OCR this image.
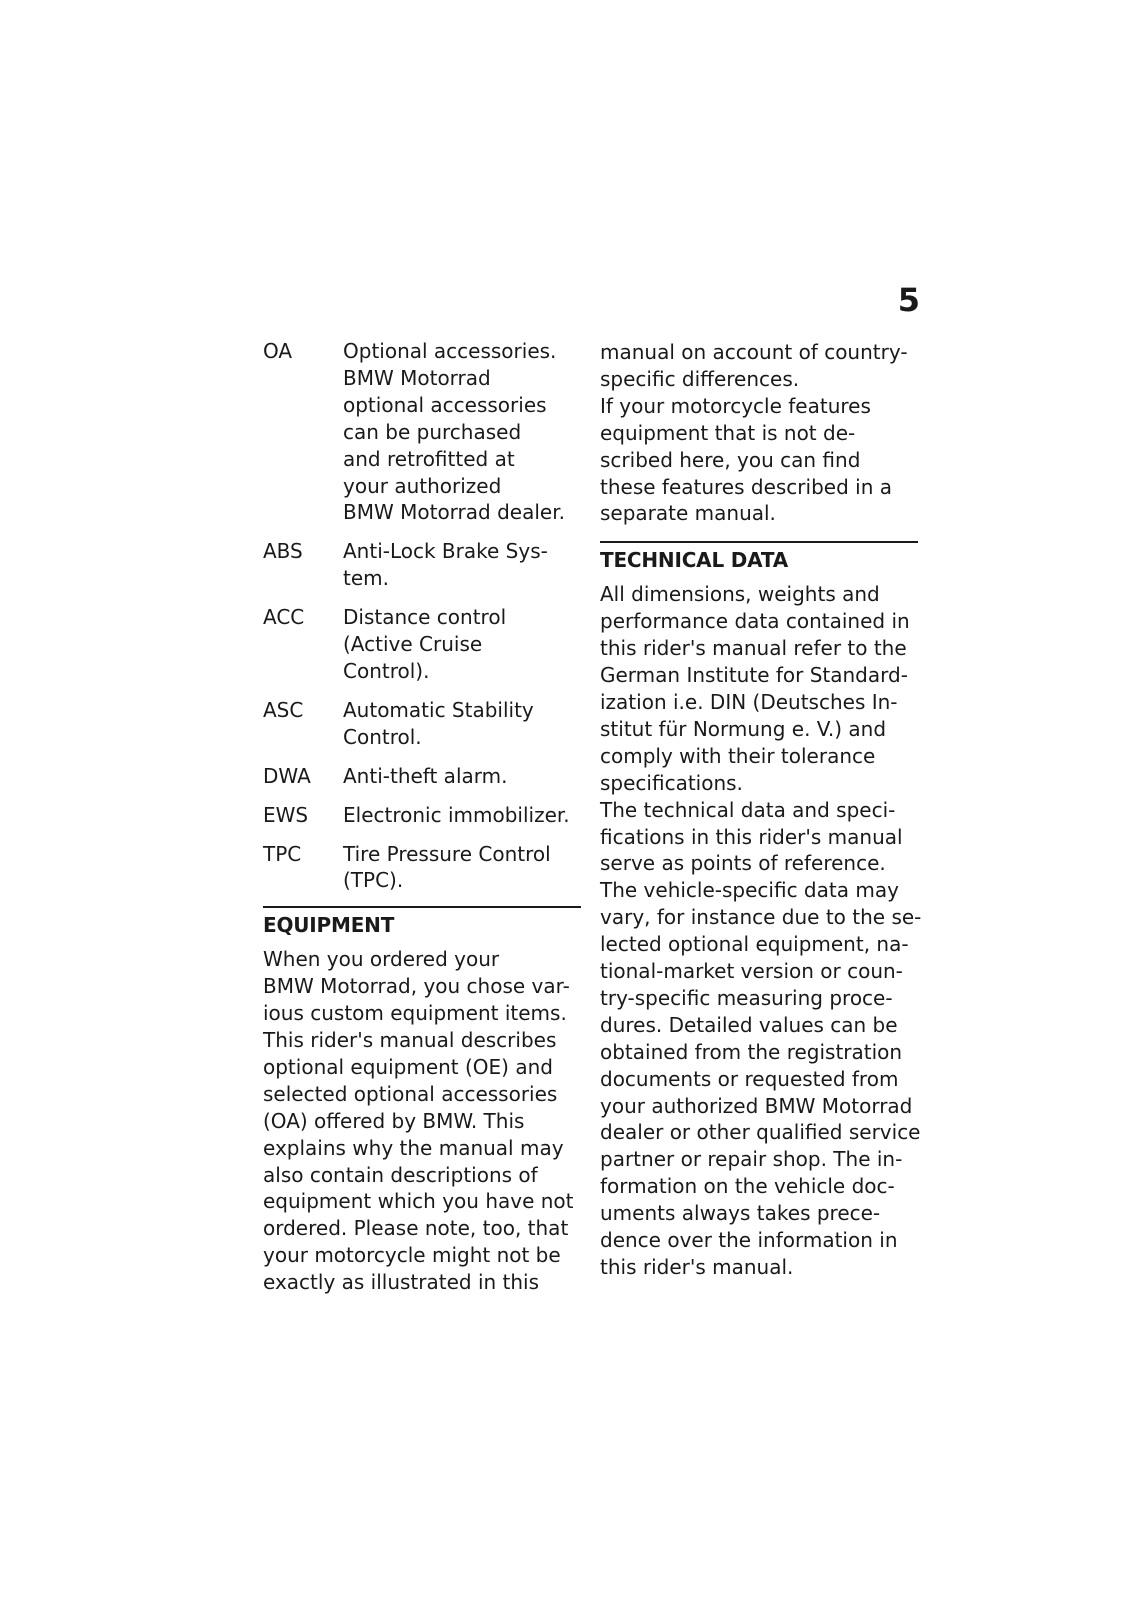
5
OA	Optional accessories.
BMW Motorrad
optional accessories
can be purchased
and retrofitted at
your authorized
BMW Motorrad dealer.
ABS	Anti-Lock Brake Sys-
tem.
ACC	Distance control
(Active Cruise
Control).
ASC	Automatic Stability
Control.
DWA	Anti-theft alarm.
EWS	Electronic immobilizer.
TPC	Tire Pressure Control
(TPC).
EQUIPMENT
When you ordered your
BMW Motorrad, you chose var-
ious custom equipment items.
This rider's manual describes
optional equipment (OE) and
selected optional accessories
(OA) offered by BMW. This
explains why the manual may
also contain descriptions of
equipment which you have not
ordered. Please note, too, that
your motorcycle might not be
exactly as illustrated in this
manual on account of country-
specific differences.
If your motorcycle features
equipment that is not de-
scribed here, you can find
these features described in a
separate manual.
TECHNICAL DATA
All dimensions, weights and
performance data contained in
this rider's manual refer to the
German Institute for Standard-
ization i.e. DIN (Deutsches In-
stitut für Normung e. V.) and
comply with their tolerance
specifications.
The technical data and speci-
fications in this rider's manual
serve as points of reference.
The vehicle-specific data may
vary, for instance due to the se-
lected optional equipment, na-
tional-market version or coun-
try-specific measuring proce-
dures. Detailed values can be
obtained from the registration
documents or requested from
your authorized BMW Motorrad
dealer or other qualified service
partner or repair shop. The in-
formation on the vehicle doc-
uments always takes prece-
dence over the information in
this rider's manual.
